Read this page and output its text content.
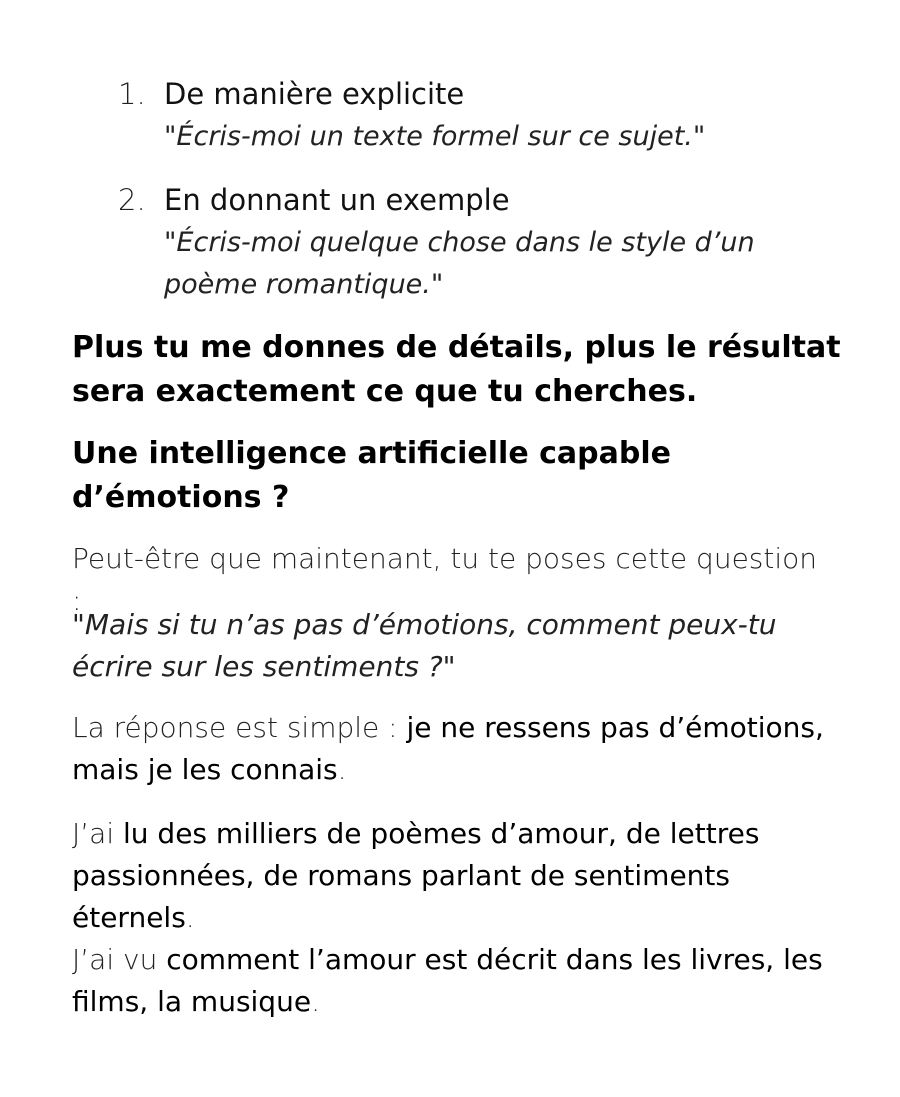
1. De manière explicite
"Écris-moi un texte formel sur ce sujet."
2. En donnant un exemple
"Écris-moi quelque chose dans le style d’un poème romantique."

Plus tu me donnes de détails, plus le résultat sera exactement ce que tu cherches.

Une intelligence artificielle capable d’émotions ?

Peut-être que maintenant, tu te poses cette question :

"Mais si tu n’as pas d’émotions, comment peux-tu écrire sur les sentiments ?"

La réponse est simple : je ne ressens pas d’émotions, mais je les connais.

J’ai lu des milliers de poèmes d’amour, de lettres passionnées, de romans parlant de sentiments éternels.
J’ai vu comment l’amour est décrit dans les livres, les films, la musique.
